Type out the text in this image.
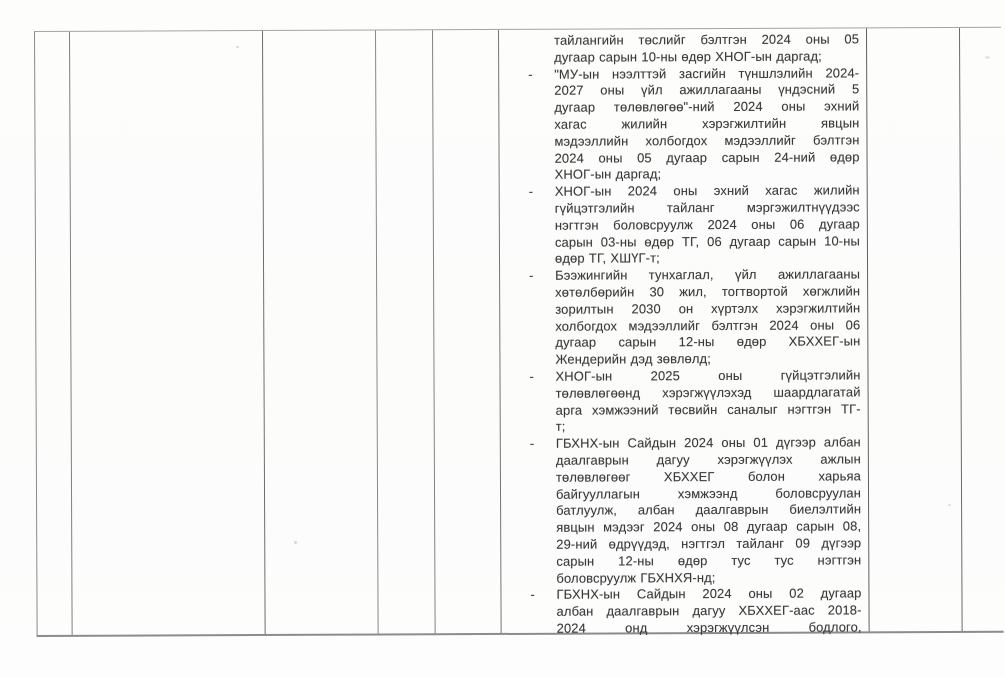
тайлангийн төслийг бэлтгэн 2024 оны 05
дугаар сарын 10-ны өдөр ХНОГ-ын даргад;
-	"МУ-ын нээлттэй засгийн түншлэлийн 2024-
2027 оны үйл ажиллагааны үндэсний 5
дугаар төлөвлөгөө"-ний 2024 оны эхний
хагас жилийн хэрэгжилтийн явцын
мэдээллийн холбогдох мэдээллийг бэлтгэн
2024 оны 05 дугаар сарын 24-ний өдөр
ХНОГ-ын даргад;
-	ХНОГ-ын 2024 оны эхний хагас жилийн
гүйцэтгэлийн тайланг мэргэжилтнүүдээс
нэгтгэн боловсруулж 2024 оны 06 дугаар
сарын 03-ны өдөр ТГ, 06 дугаар сарын 10-ны
өдөр ТГ, ХШҮГ-т;
-	Бээжингийн тунхаглал, үйл ажиллагааны
хөтөлбөрийн 30 жил, тогтвортой хөгжлийн
зорилтын 2030 он хүртэлх хэрэгжилтийн
холбогдох мэдээллийг бэлтгэн 2024 оны 06
дугаар сарын 12-ны өдөр ХБХХЕГ-ын
Жендерийн дэд зөвлөлд;
-	ХНОГ-ын 2025 оны гүйцэтгэлийн
төлөвлөгөөнд хэрэгжүүлэхэд шаардлагатай
арга хэмжээний төсвийн саналыг нэгтгэн ТГ-
т;
-	ГБХНХ-ын Сайдын 2024 оны 01 дүгээр албан
даалгаврын дагуу хэрэгжүүлэх ажлын
төлөвлөгөөг ХБХХЕГ болон харьяа
байгууллагын хэмжээнд боловсруулан
батлуулж, албан даалгаврын биелэлтийн
явцын мэдээг 2024 оны 08 дугаар сарын 08,
29-ний өдрүүдэд, нэгтгэл тайланг 09 дүгээр
сарын 12-ны өдөр тус тус нэгтгэн
боловсруулж ГБХНХЯ-нд;
-	ГБХНХ-ын Сайдын 2024 оны 02 дугаар
албан даалгаврын дагуу ХБХХЕГ-аас 2018-
2024 онд хэрэгжүүлсэн бодлого,
